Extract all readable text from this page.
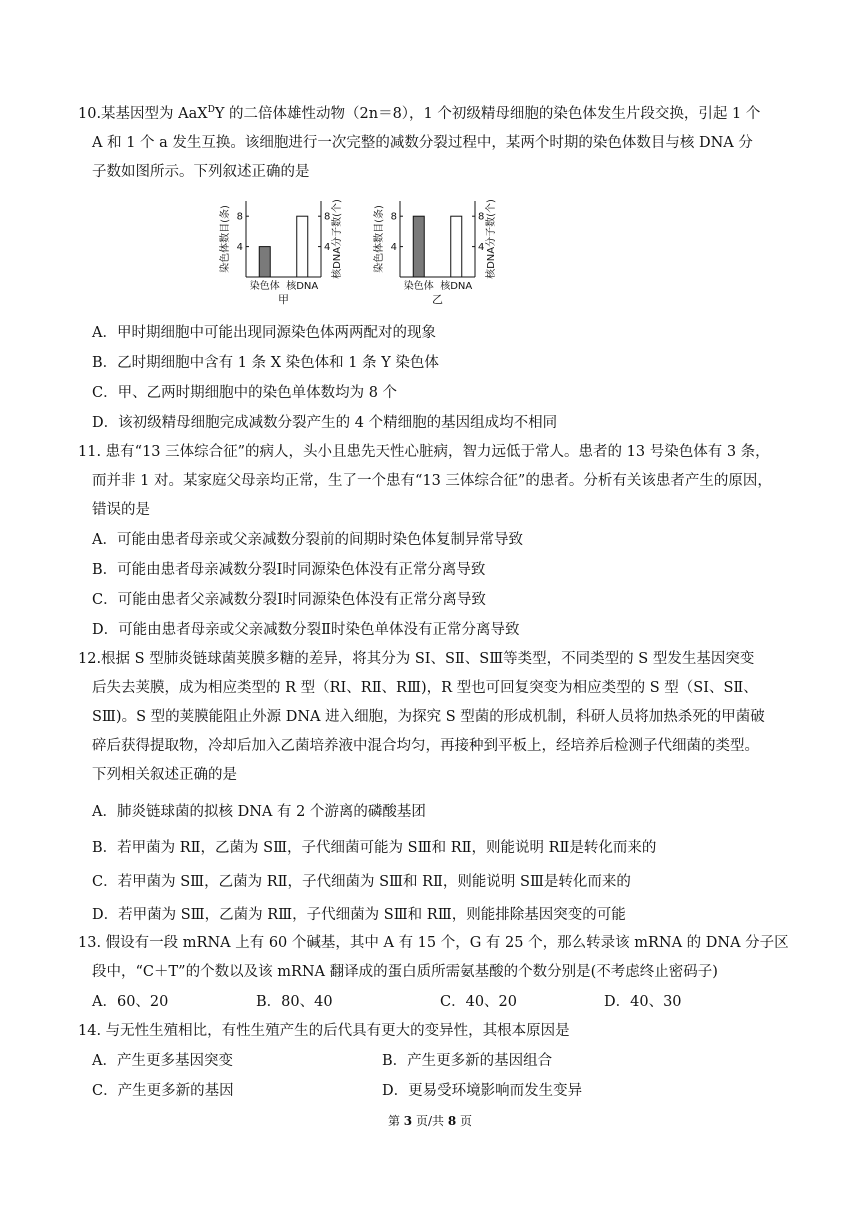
10.某基因型为 AaX$^D$Y 的二倍体雄性动物（2n＝8），1 个初级精母细胞的染色体发生片段交换，引起 1 个
A 和 1 个 a 发生互换。该细胞进行一次完整的减数分裂过程中，某两个时期的染色体数目与核 DNA 分
子数如图所示。下列叙述正确的是
染色体数目(条)	核DNA分子数(个)
4	4
8	8
染色体 核DNA
甲
染色体数目(条)	核DNA分子数(个)
4	4
8	8
染色体 核DNA
乙
A．甲时期细胞中可能出现同源染色体两两配对的现象
B．乙时期细胞中含有 1 条 X 染色体和 1 条 Y 染色体
C．甲、乙两时期细胞中的染色单体数均为 8 个
D．该初级精母细胞完成减数分裂产生的 4 个精细胞的基因组成均不相同
11. 患有“13 三体综合征”的病人，头小且患先天性心脏病，智力远低于常人。患者的 13 号染色体有 3 条，
而并非 1 对。某家庭父母亲均正常，生了一个患有“13 三体综合征”的患者。分析有关该患者产生的原因，
错误的是
A．可能由患者母亲或父亲减数分裂前的间期时染色体复制异常导致
B．可能由患者母亲减数分裂Ⅰ时同源染色体没有正常分离导致
C．可能由患者父亲减数分裂Ⅰ时同源染色体没有正常分离导致
D．可能由患者母亲或父亲减数分裂Ⅱ时染色单体没有正常分离导致
12.根据 S 型肺炎链球菌荚膜多糖的差异，将其分为 SⅠ、SⅡ、SⅢ等类型，不同类型的 S 型发生基因突变
后失去荚膜，成为相应类型的 R 型（RⅠ、RⅡ、RⅢ)，R 型也可回复突变为相应类型的 S 型（SⅠ、SⅡ、
SⅢ)。S 型的荚膜能阻止外源 DNA 进入细胞，为探究 S 型菌的形成机制，科研人员将加热杀死的甲菌破
碎后获得提取物，冷却后加入乙菌培养液中混合均匀，再接种到平板上，经培养后检测子代细菌的类型。
下列相关叙述正确的是
A．肺炎链球菌的拟核 DNA 有 2 个游离的磷酸基团
B．若甲菌为 RⅡ，乙菌为 SⅢ，子代细菌可能为 SⅢ和 RⅡ，则能说明 RⅡ是转化而来的
C．若甲菌为 SⅢ，乙菌为 RⅡ，子代细菌为 SⅢ和 RⅡ，则能说明 SⅢ是转化而来的
D．若甲菌为 SⅢ，乙菌为 RⅢ，子代细菌为 SⅢ和 RⅢ，则能排除基因突变的可能
13. 假设有一段 mRNA 上有 60 个碱基，其中 A 有 15 个，G 有 25 个，那么转录该 mRNA 的 DNA 分子区
段中，“C＋T”的个数以及该 mRNA 翻译成的蛋白质所需氨基酸的个数分别是(不考虑终止密码子)
A．60、20	B．80、40	C．40、20	D．40、30
14. 与无性生殖相比，有性生殖产生的后代具有更大的变异性，其根本原因是
A．产生更多基因突变	B．产生更多新的基因组合
C．产生更多新的基因	D．更易受环境影响而发生变异
第 3 页/共 8 页
